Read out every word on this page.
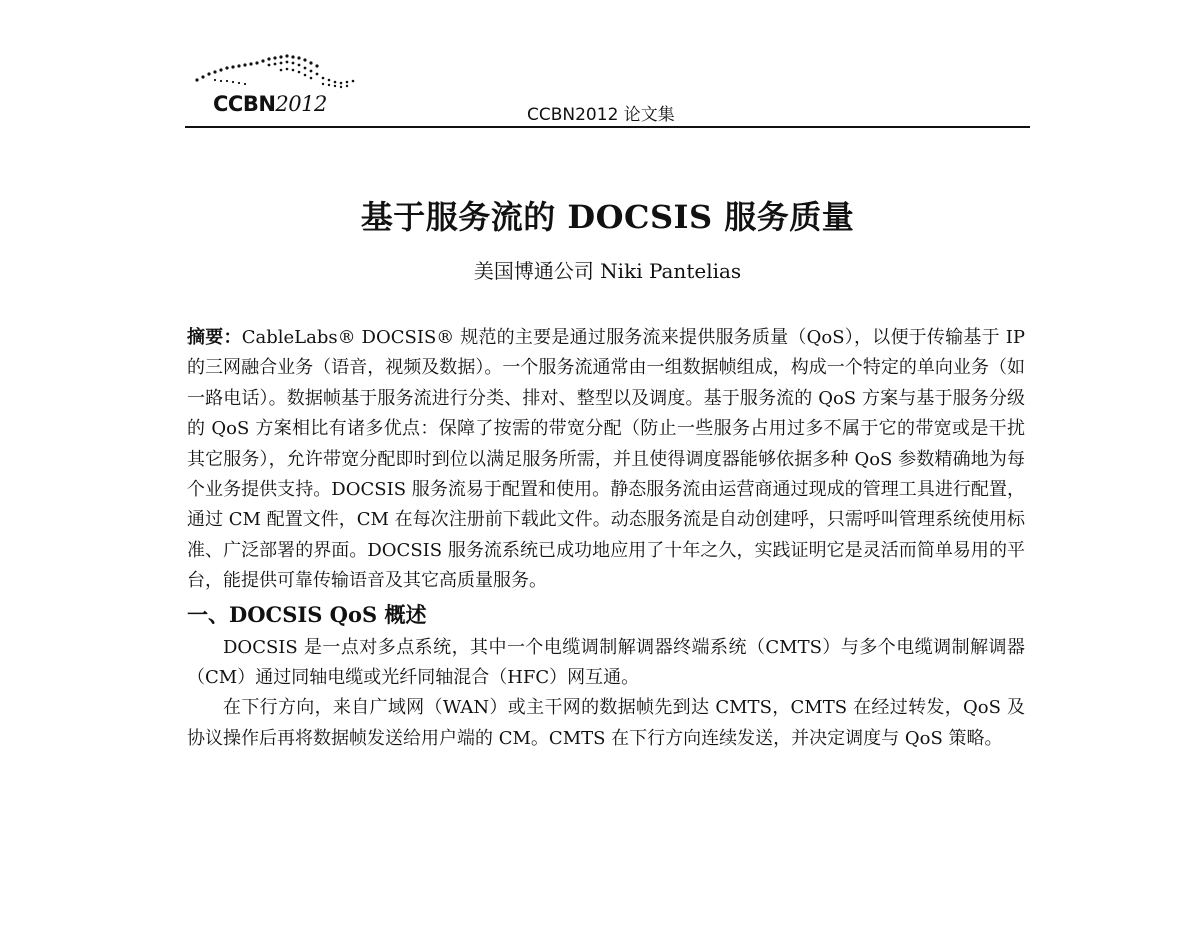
CCBN2012	CCBN2012 论文集
基于服务流的 DOCSIS 服务质量
美国博通公司 Niki Pantelias

摘要：CableLabs® DOCSIS® 规范的主要是通过服务流来提供服务质量（QoS），以便于传输基于 IP 的三网融合业务（语音，视频及数据）。一个服务流通常由一组数据帧组成，构成一个特定的单向业务（如一路电话）。数据帧基于服务流进行分类、排对、整型以及调度。基于服务流的 QoS 方案与基于服务分级的 QoS 方案相比有诸多优点：保障了按需的带宽分配（防止一些服务占用过多不属于它的带宽或是干扰其它服务），允许带宽分配即时到位以满足服务所需，并且使得调度器能够依据多种 QoS 参数精确地为每个业务提供支持。DOCSIS 服务流易于配置和使用。静态服务流由运营商通过现成的管理工具进行配置，通过 CM 配置文件，CM 在每次注册前下载此文件。动态服务流是自动创建呼，只需呼叫管理系统使用标准、广泛部署的界面。DOCSIS 服务流系统已成功地应用了十年之久，实践证明它是灵活而简单易用的平台，能提供可靠传输语音及其它高质量服务。

一、DOCSIS QoS 概述

DOCSIS 是一点对多点系统，其中一个电缆调制解调器终端系统（CMTS）与多个电缆调制解调器（CM）通过同轴电缆或光纤同轴混合（HFC）网互通。

在下行方向，来自广域网（WAN）或主干网的数据帧先到达 CMTS，CMTS 在经过转发，QoS 及协议操作后再将数据帧发送给用户端的 CM。CMTS 在下行方向连续发送，并决定调度与 QoS 策略。
